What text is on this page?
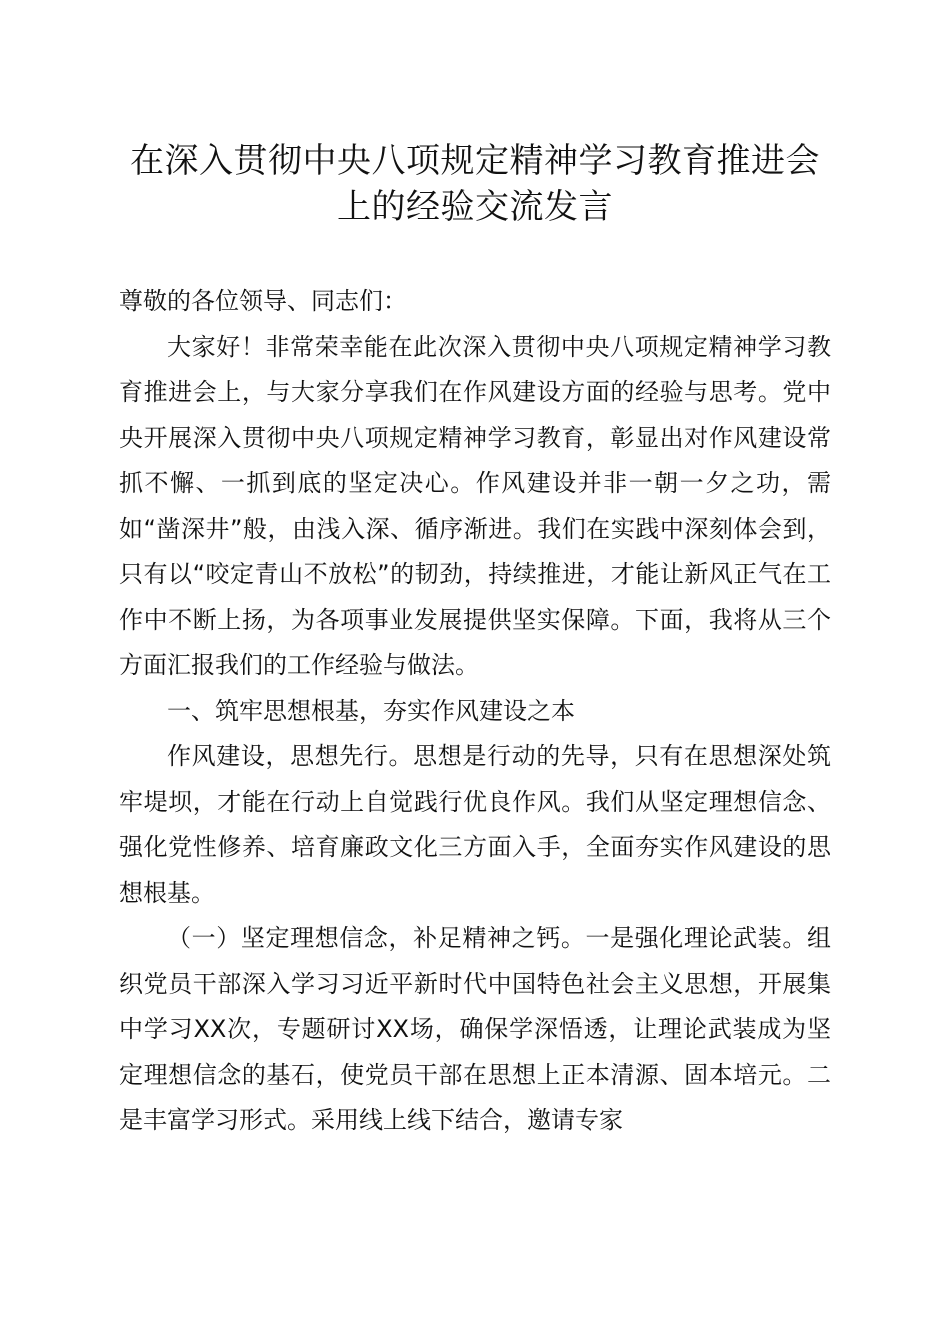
在深入贯彻中央八项规定精神学习教育推进会
上的经验交流发言

尊敬的各位领导、同志们：

大家好！非常荣幸能在此次深入贯彻中央八项规定精神学习教育推进会上，与大家分享我们在作风建设方面的经验与思考。党中央开展深入贯彻中央八项规定精神学习教育，彰显出对作风建设常抓不懈、一抓到底的坚定决心。作风建设并非一朝一夕之功，需如“凿深井”般，由浅入深、循序渐进。我们在实践中深刻体会到，只有以“咬定青山不放松”的韧劲，持续推进，才能让新风正气在工作中不断上扬，为各项事业发展提供坚实保障。下面，我将从三个方面汇报我们的工作经验与做法。

一、筑牢思想根基，夯实作风建设之本

作风建设，思想先行。思想是行动的先导，只有在思想深处筑牢堤坝，才能在行动上自觉践行优良作风。我们从坚定理想信念、强化党性修养、培育廉政文化三方面入手，全面夯实作风建设的思想根基。

（一）坚定理想信念，补足精神之钙。一是强化理论武装。组织党员干部深入学习习近平新时代中国特色社会主义思想，开展集中学习XX次，专题研讨XX场，确保学深悟透，让理论武装成为坚定理想信念的基石，使党员干部在思想上正本清源、固本培元。二是丰富学习形式。采用线上线下结合，邀请专家
